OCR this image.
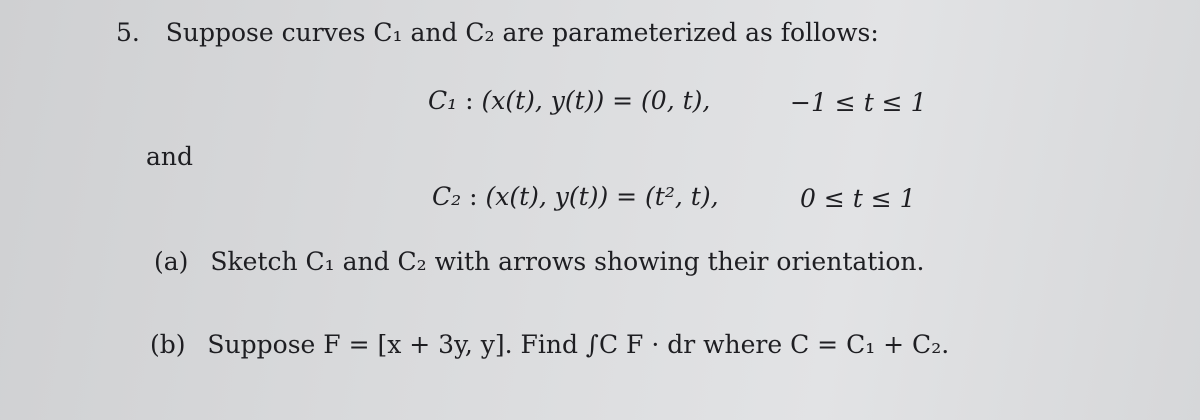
5. Suppose curves C₁ and C₂ are parameterized as follows:
C₁ : (x(t), y(t)) = (0, t),	−1 ≤ t ≤ 1
and
C₂ : (x(t), y(t)) = (t², t),	0 ≤ t ≤ 1
(a) Sketch C₁ and C₂ with arrows showing their orientation.
(b) Suppose F = [x + 3y, y]. Find ∫C F · dr where C = C₁ + C₂.
